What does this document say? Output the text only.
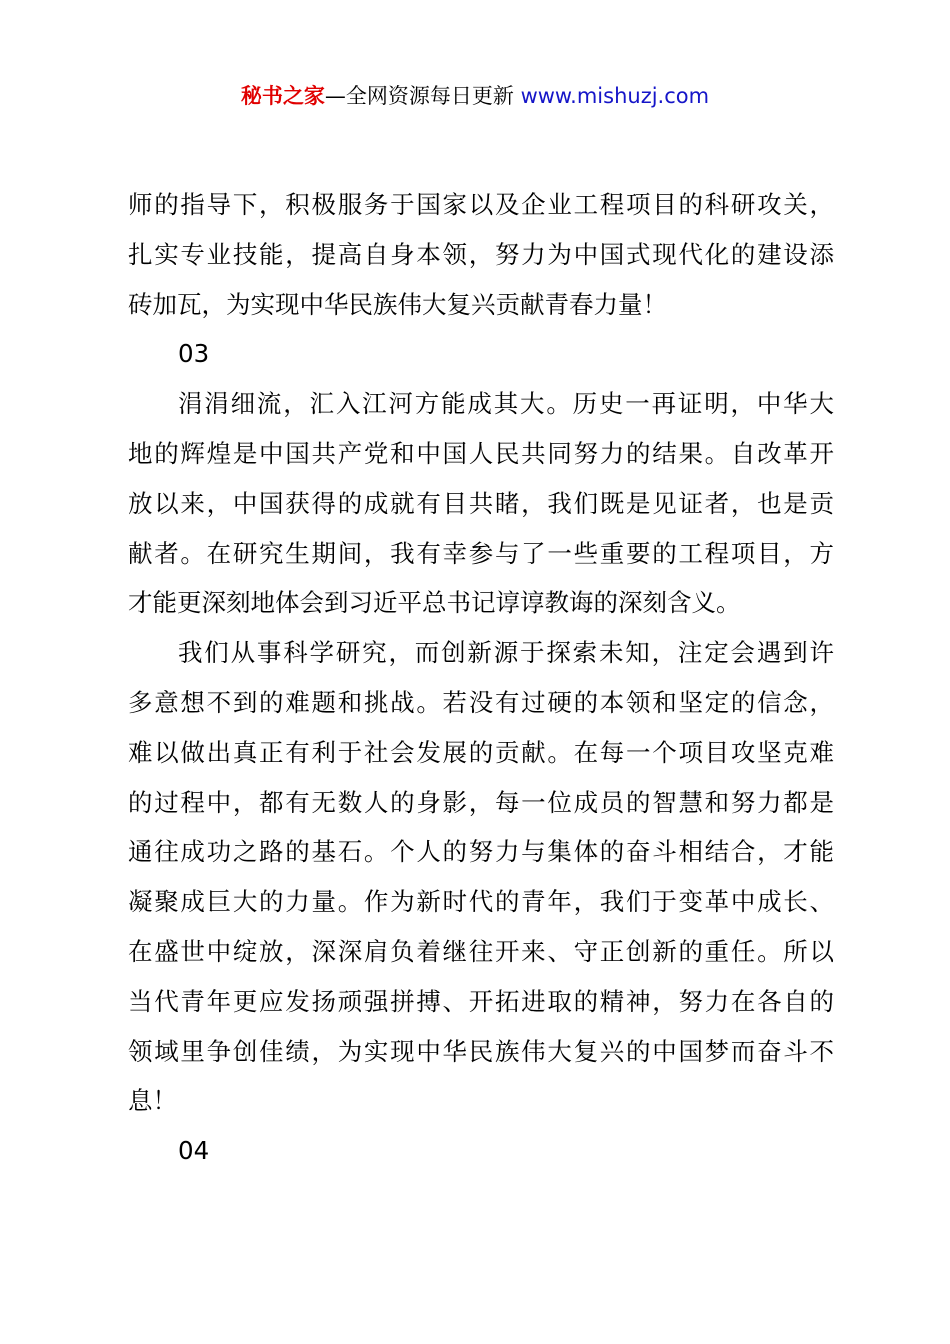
秘书之家—全网资源每日更新 www.mishuzj.com
师的指导下，积极服务于国家以及企业工程项目的科研攻关，
扎实专业技能，提高自身本领，努力为中国式现代化的建设添
砖加瓦，为实现中华民族伟大复兴贡献青春力量！
03
涓涓细流，汇入江河方能成其大。历史一再证明，中华大
地的辉煌是中国共产党和中国人民共同努力的结果。自改革开
放以来，中国获得的成就有目共睹，我们既是见证者，也是贡
献者。在研究生期间，我有幸参与了一些重要的工程项目，方
才能更深刻地体会到习近平总书记谆谆教诲的深刻含义。
我们从事科学研究，而创新源于探索未知，注定会遇到许
多意想不到的难题和挑战。若没有过硬的本领和坚定的信念，
难以做出真正有利于社会发展的贡献。在每一个项目攻坚克难
的过程中，都有无数人的身影，每一位成员的智慧和努力都是
通往成功之路的基石。个人的努力与集体的奋斗相结合，才能
凝聚成巨大的力量。作为新时代的青年，我们于变革中成长、
在盛世中绽放，深深肩负着继往开来、守正创新的重任。所以
当代青年更应发扬顽强拼搏、开拓进取的精神，努力在各自的
领域里争创佳绩，为实现中华民族伟大复兴的中国梦而奋斗不
息！
04
